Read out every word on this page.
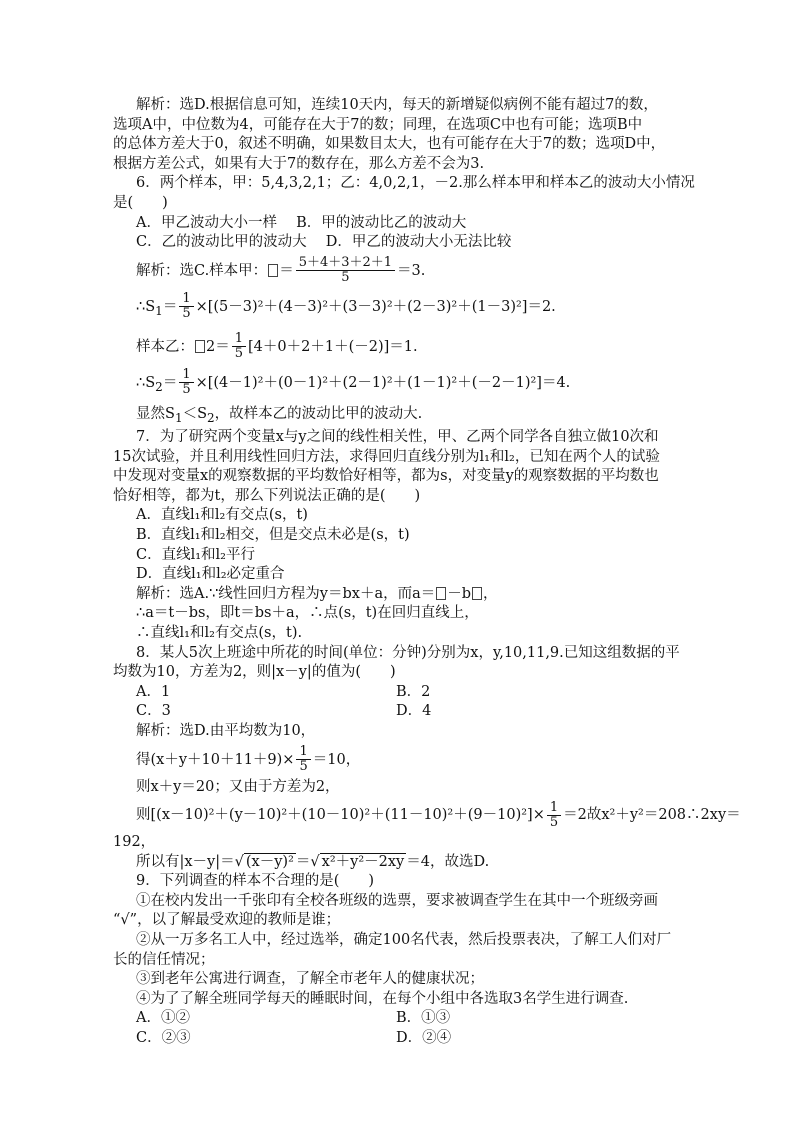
解析：选D.根据信息可知，连续10天内，每天的新增疑似病例不能有超过7的数，

选项A中，中位数为4，可能存在大于7的数；同理，在选项C中也有可能；选项B中

的总体方差大于0，叙述不明确，如果数目太大，也有可能存在大于7的数；选项D中，

根据方差公式，如果有大于7的数存在，那么方差不会为3.

6．两个样本，甲：5,4,3,2,1；乙：4,0,2,1，－2.那么样本甲和样本乙的波动大小情况

是(　　)

A．甲乙波动大小一样　 B．甲的波动比乙的波动大

C．乙的波动比甲的波动大　 D．甲乙的波动大小无法比较

解析：选C.样本甲： ＝ $\frac{5+4+3+2+1}{5} =3$.

$\therefore S_1= \frac{1}{5} \times[(5-3)^2+(4-3)^2+(3-3)^2+(2-3)^2+(1-3)^2]=2$.

样本乙： $2= \frac{1}{5} [4+0+2+1+(-2)]=1$.

$\therefore S_2= \frac{1}{5} \times[(4-1)^2+(0-1)^2+(2-1)^2+(1-1)^2+(-2-1)^2]=4$.

显然$S_1<S_2$，故样本乙的波动比甲的波动大.

7．为了研究两个变量x与y之间的线性相关性，甲、乙两个同学各自独立做10次和

15次试验，并且利用线性回归方法，求得回归直线分别为l₁和l₂，已知在两个人的试验

中发现对变量x的观察数据的平均数恰好相等，都为s，对变量y的观察数据的平均数也

恰好相等，都为t，那么下列说法正确的是(　　)

A．直线l₁和l₂有交点(s，t)

B．直线l₁和l₂相交，但是交点未必是(s，t)

C．直线l₁和l₂平行

D．直线l₁和l₂必定重合

解析：选A.∵线性回归方程为y＝bx＋a，而a＝ －b ，

∴a＝t－bs，即t＝bs＋a，∴点(s，t)在回归直线上，

∴直线l₁和l₂有交点(s，t).

8．某人5次上班途中所花的时间(单位：分钟)分别为x，y,10,11,9.已知这组数据的平

均数为10，方差为2，则|x－y|的值为(　　)

A．1	B．2
C．3	D．4

解析：选D.由平均数为10，

得$(x+y+10+11+9)\times \frac{1}{5} =10$，

则x＋y＝20；又由于方差为2，

则$[(x-10)^2+(y-10)^2+(10-10)^2+(11-10)^2+(9-10)^2]\times \frac{1}{5} =2$故x²＋y²＝208∴2xy＝

192，

所以有|x－y|＝√ (x－y)² ＝√ x²＋y²－2xy ＝4，故选D.

9．下列调查的样本不合理的是(　　)

①在校内发出一千张印有全校各班级的选票，要求被调查学生在其中一个班级旁画

“√”，以了解最受欢迎的教师是谁；

②从一万多名工人中，经过选举，确定100名代表，然后投票表决，了解工人们对厂

长的信任情况；

③到老年公寓进行调查，了解全市老年人的健康状况；

④为了了解全班同学每天的睡眠时间，在每个小组中各选取3名学生进行调查.

A．①②	B．①③
C．②③	D．②④
